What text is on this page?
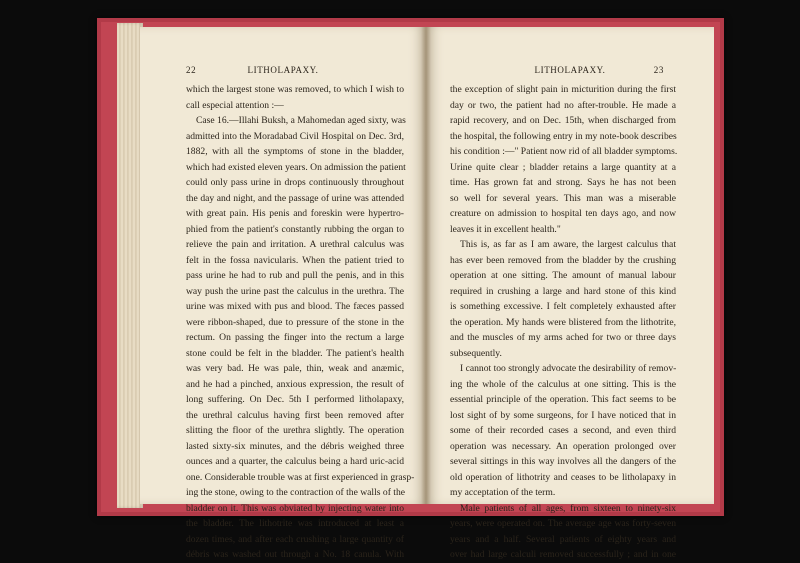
22	LITHOLAPAXY.
which the largest stone was removed, to which I wish to
call especial attention :—
Case 16.—Illahi Buksh, a Mahomedan aged sixty, was
admitted into the Moradabad Civil Hospital on Dec. 3rd,
1882, with all the symptoms of stone in the bladder,
which had existed eleven years. On admission the patient
could only pass urine in drops continuously throughout
the day and night, and the passage of urine was attended
with great pain. His penis and foreskin were hypertro-
phied from the patient's constantly rubbing the organ to
relieve the pain and irritation. A urethral calculus was
felt in the fossa navicularis. When the patient tried to
pass urine he had to rub and pull the penis, and in this
way push the urine past the calculus in the urethra. The
urine was mixed with pus and blood. The fæces passed
were ribbon-shaped, due to pressure of the stone in the
rectum. On passing the finger into the rectum a large
stone could be felt in the bladder. The patient's health
was very bad. He was pale, thin, weak and anæmic,
and he had a pinched, anxious expression, the result of
long suffering. On Dec. 5th I performed litholapaxy,
the urethral calculus having first been removed after
slitting the floor of the urethra slightly. The operation
lasted sixty-six minutes, and the débris weighed three
ounces and a quarter, the calculus being a hard uric-acid
one. Considerable trouble was at first experienced in grasp-
ing the stone, owing to the contraction of the walls of the
bladder on it. This was obviated by injecting water into
the bladder. The lithotrite was introduced at least a
dozen times, and after each crushing a large quantity of
débris was washed out through a No. 18 canula. With
LITHOLAPAXY.	23
the exception of slight pain in micturition during the first
day or two, the patient had no after-trouble. He made a
rapid recovery, and on Dec. 15th, when discharged from
the hospital, the following entry in my note-book describes
his condition :—" Patient now rid of all bladder symptoms.
Urine quite clear ; bladder retains a large quantity at a
time. Has grown fat and strong. Says he has not been
so well for several years. This man was a miserable
creature on admission to hospital ten days ago, and now
leaves it in excellent health."
This is, as far as I am aware, the largest calculus that
has ever been removed from the bladder by the crushing
operation at one sitting. The amount of manual labour
required in crushing a large and hard stone of this kind
is something excessive. I felt completely exhausted after
the operation. My hands were blistered from the lithotrite,
and the muscles of my arms ached for two or three days
subsequently.
I cannot too strongly advocate the desirability of remov-
ing the whole of the calculus at one sitting. This is the
essential principle of the operation. This fact seems to be
lost sight of by some surgeons, for I have noticed that in
some of their recorded cases a second, and even third
operation was necessary. An operation prolonged over
several sittings in this way involves all the dangers of the
old operation of lithotrity and ceases to be litholapaxy in
my acceptation of the term.
Male patients of all ages, from sixteen to ninety-six
years, were operated on. The average age was forty-seven
years and a half. Several patients of eighty years and
over had large calculi removed successfully ; and in one
